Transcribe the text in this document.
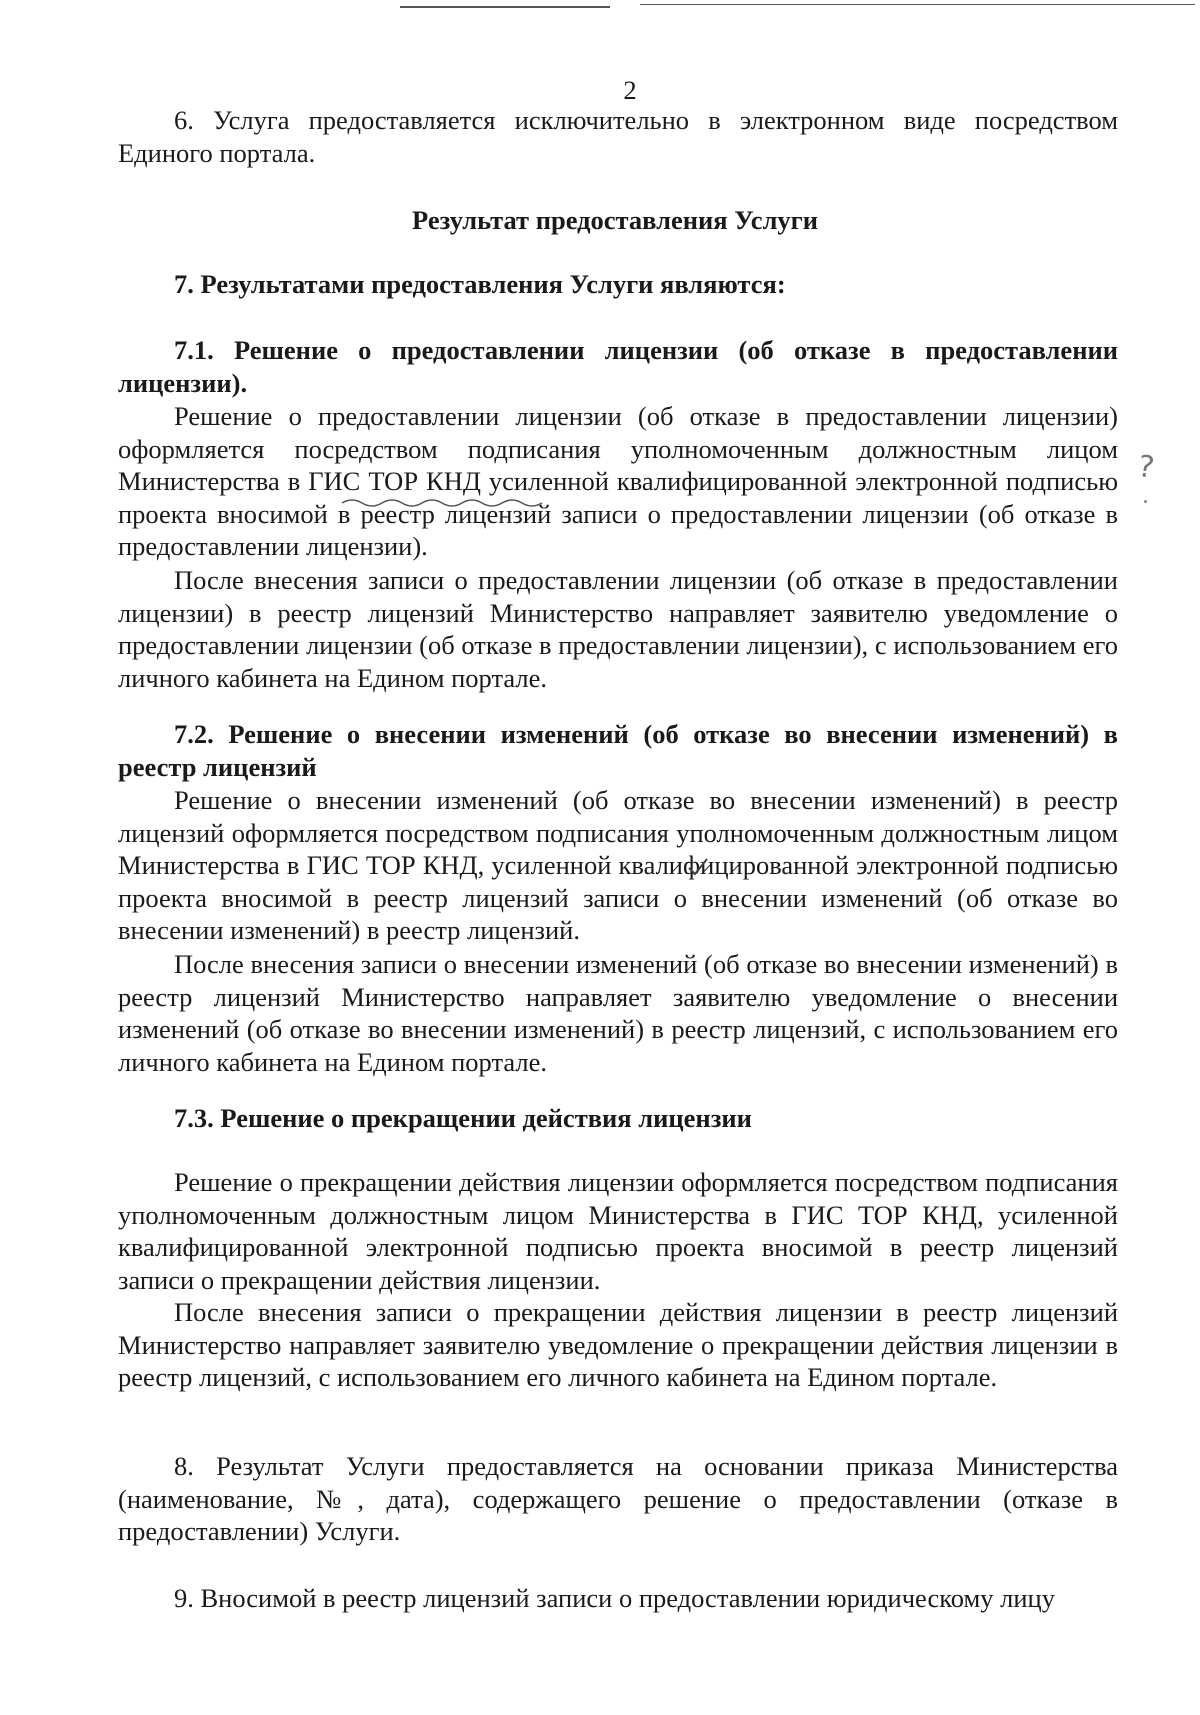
2

6. Услуга предоставляется исключительно в электронном виде посредством Единого портала.

Результат предоставления Услуги

7. Результатами предоставления Услуги являются:

7.1. Решение о предоставлении лицензии (об отказе в предоставлении лицензии).

Решение о предоставлении лицензии (об отказе в предоставлении лицензии) оформляется посредством подписания уполномоченным должностным лицом Министерства в ГИС ТОР КНД усиленной квалифицированной электронной подписью проекта вносимой в реестр лицензий записи о предоставлении лицензии (об отказе в предоставлении лицензии).

После внесения записи о предоставлении лицензии (об отказе в предоставлении лицензии) в реестр лицензий Министерство направляет заявителю уведомление о предоставлении лицензии (об отказе в предоставлении лицензии), с использованием его личного кабинета на Едином портале.

7.2. Решение о внесении изменений (об отказе во внесении изменений) в реестр лицензий

Решение о внесении изменений (об отказе во внесении изменений) в реестр лицензий оформляется посредством подписания уполномоченным должностным лицом Министерства в ГИС ТОР КНД, усиленной квалифицированной электронной подписью проекта вносимой в реестр лицензий записи о внесении изменений (об отказе во внесении изменений) в реестр лицензий.

После внесения записи о внесении изменений (об отказе во внесении изменений) в реестр лицензий Министерство направляет заявителю уведомление о внесении изменений (об отказе во внесении изменений) в реестр лицензий, с использованием его личного кабинета на Едином портале.

7.3. Решение о прекращении действия лицензии

Решение о прекращении действия лицензии оформляется посредством подписания уполномоченным должностным лицом Министерства в ГИС ТОР КНД, усиленной квалифицированной электронной подписью проекта вносимой в реестр лицензий записи о прекращении действия лицензии.

После внесения записи о прекращении действия лицензии в реестр лицензий Министерство направляет заявителю уведомление о прекращении действия лицензии в реестр лицензий, с использованием его личного кабинета на Едином портале.

8. Результат Услуги предоставляется на основании приказа Министерства (наименование, №, дата), содержащего решение о предоставлении (отказе в предоставлении) Услуги.

9. Вносимой в реестр лицензий записи о предоставлении юридическому лицу

?
